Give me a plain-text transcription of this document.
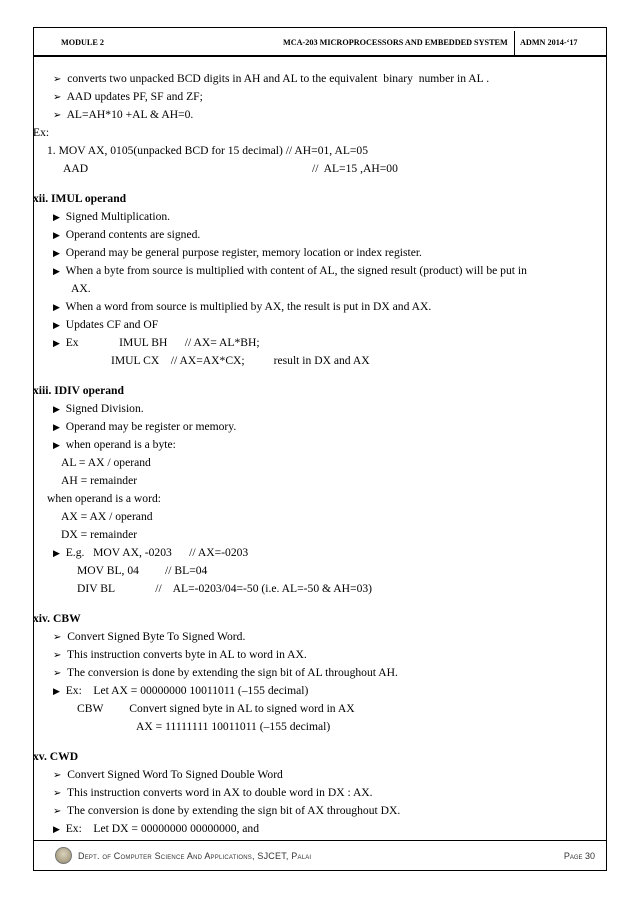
MODULE 2	MCA-203 MICROPROCESSORS AND EMBEDDED SYSTEM ADMN 2014-‘17
➢ converts two unpacked BCD digits in AH and AL to the equivalent  binary  number in AL .
➢ AAD updates PF, SF and ZF;
➢ AL=AH*10 +AL & AH=0.
Ex:
1. MOV AX, 0105(unpacked BCD for 15 decimal) // AH=01, AL=05
AAD	//  AL=15 ,AH=00
xii. IMUL operand
▶ Signed Multiplication.
▶ Operand contents are signed.
▶ Operand may be general purpose register, memory location or index register.
▶ When a byte from source is multiplied with content of AL, the signed result (product) will be put in
AX.
▶ When a word from source is multiplied by AX, the result is put in DX and AX.
▶ Updates CF and OF
▶ Ex              IMUL BH      // AX= AL*BH;
IMUL CX    // AX=AX*CX;          result in DX and AX
xiii. IDIV operand
▶ Signed Division.
▶ Operand may be register or memory.
▶ when operand is a byte:
AL = AX / operand
AH = remainder
when operand is a word:
AX = AX / operand
DX = remainder
▶ E.g.   MOV AX, -0203      // AX=-0203
MOV BL, 04         // BL=04
DIV BL              //    AL=-0203/04=-50 (i.e. AL=-50 & AH=03)
xiv. CBW
➢ Convert Signed Byte To Signed Word.
➢ This instruction converts byte in AL to word in AX.
➢ The conversion is done by extending the sign bit of AL throughout AH.
▶ Ex:    Let AX = 00000000 10011011 (–155 decimal)
CBW         Convert signed byte in AL to signed word in AX
AX = 11111111 10011011 (–155 decimal)
xv. CWD
➢ Convert Signed Word To Signed Double Word
➢ This instruction converts word in AX to double word in DX : AX.
➢ The conversion is done by extending the sign bit of AX throughout DX.
▶ Ex:    Let DX = 00000000 00000000, and
Dept. of Computer Science And Applications, SJCET, Palai	Page 30
